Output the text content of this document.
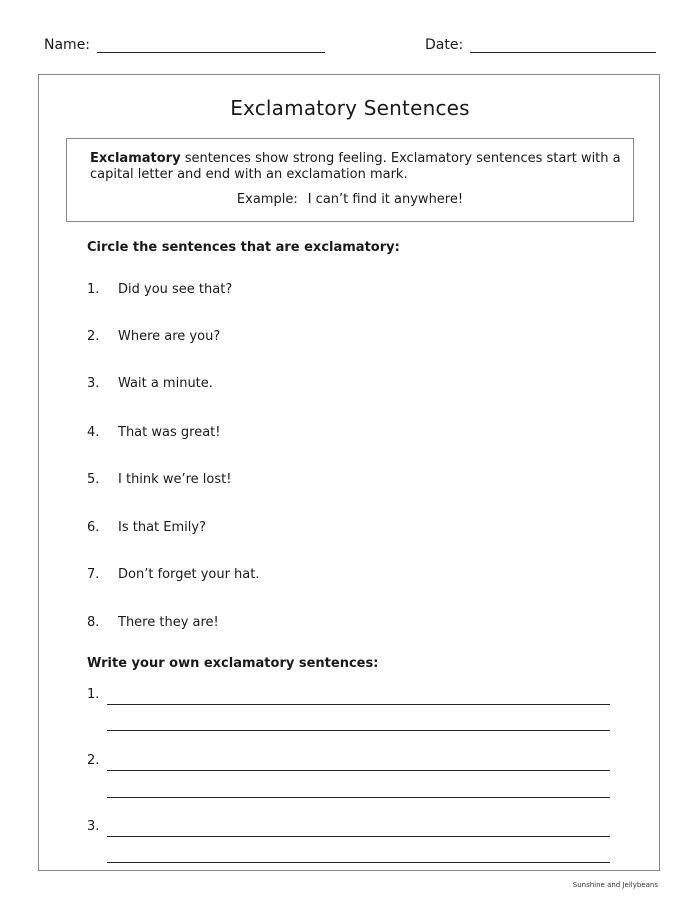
Name:	Date:
Exclamatory Sentences
Exclamatory sentences show strong feeling. Exclamatory sentences start with a capital letter and end with an exclamation mark.
Example: I can’t find it anywhere!
Circle the sentences that are exclamatory:
1.	Did you see that?
2.	Where are you?
3.	Wait a minute.
4.	That was great!
5.	I think we’re lost!
6.	Is that Emily?
7.	Don’t forget your hat.
8.	There they are!
Write your own exclamatory sentences:
1.
2.
3.
Sunshine and Jellybeans
